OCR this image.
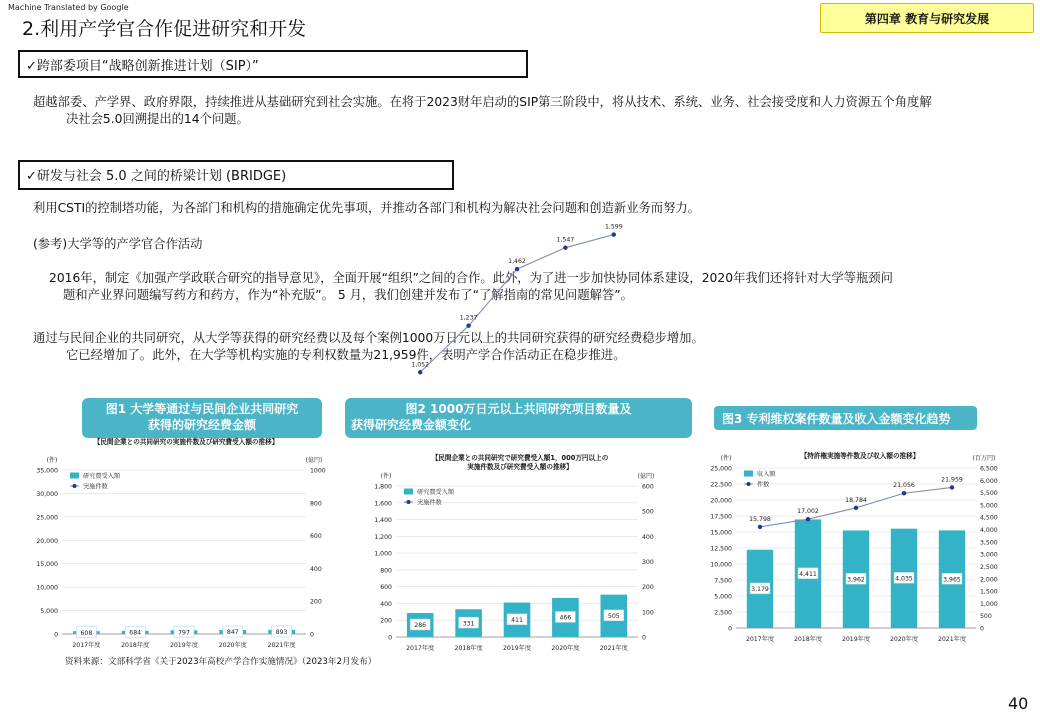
Machine Translated by Google
2.利用产学官合作促进研究和开发	第四章 教育与研究发展
✓跨部委项目“战略创新推进计划（SIP）”
超越部委、产学界、政府界限，持续推进从基础研究到社会实施。在将于2023财年启动的SIP第三阶段中，将从技术、系统、业务、社会接受度和人力资源五个角度解
决社会5.0回溯提出的14个问题。
✓研发与社会 5.0 之间的桥梁计划 (BRIDGE)
利用CSTI的控制塔功能，为各部门和机构的措施确定优先事项，并推动各部门和机构为解决社会问题和创造新业务而努力。
(参考)大学等的产学官合作活动
2016年，制定《加强产学政联合研究的指导意见》，全面开展“组织”之间的合作。此外，为了进一步加快协同体系建设，2020年我们还将针对大学等瓶颈问
题和产业界问题编写药方和药方，作为“补充版”。 5 月，我们创建并发布了“了解指南的常见问题解答”。
通过与民间企业的共同研究，从大学等获得的研究经费以及每个案例1000万日元以上的共同研究获得的研究经费稳步增加。
它已经增加了。此外，在大学等机构实施的专利权数量为21,959件，表明产学合作活动正在稳步推进。
图1 大学等通过与民间企业共同研究
获得的研究经费金额
【民間企業との共同研究の実施件数及び研究費受入額の推移】
0
5,000
10,000
15,000
20,000
25,000
30,000
35,000
0
200
400
600
800
1000
(件)	(億円)
608
2017年度
684
2018年度
797
2019年度
847
2020年度
893
2021年度
研究費受入額
実施件数
图2 1000万日元以上共同研究项目数量及
获得研究经费金额变化
【民間企業との共同研究で研究費受入額1，000万円以上の
実施件数及び研究費受入額の推移】
0
200
400
600
800
1,000
1,200
1,400
1,600
1,800
0
100
200
300
400
500
600
(件)	(億円)
286
2017年度
331
2018年度
411
2019年度
466
2020年度
505
2021年度
1,052
1,237
1,462
1,547
1,599
研究費受入額
実施件数
图3 专利维权案件数量及收入金额变化趋势
【特許権実施等件数及び収入額の推移】
0
2,500
5,000
7,500
10,000
12,500
15,000
17,500
20,000
22,500
25,000
0
500
1,000
1,500
2,000
2,500
3,000
3,500
4,000
4,500
5,000
5,500
6,000
6,500
(件)	(百万円)
3,179
2017年度
4,411
2018年度
3,962
2019年度
4,035
2020年度
3,965
2021年度
15,798
17,002
18,784
21,056
21,959
収入額
件数
资料来源：文部科学省《关于2023年高校产学合作实施情况》（2023年2月发布）
40
